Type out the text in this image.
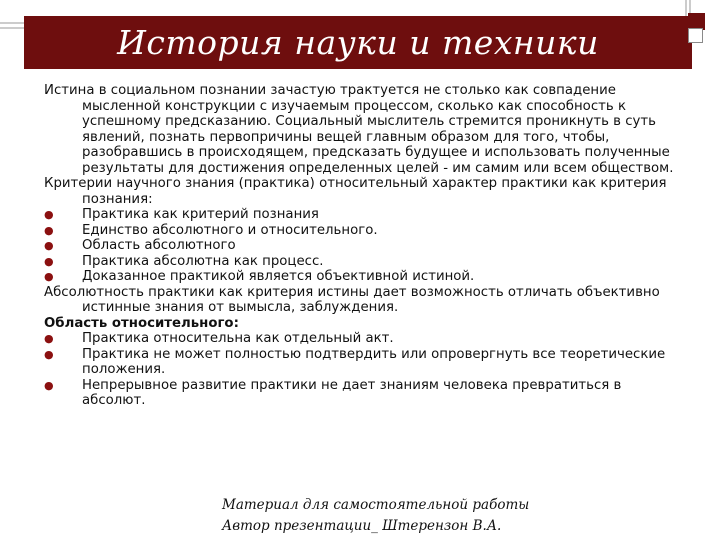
История науки и техники

Истина в социальном познании зачастую трактуется не столько как совпадение мысленной конструкции с изучаемым процессом, сколько как способность к успешному предсказанию. Социальный мыслитель стремится проникнуть в суть явлений, познать первопричины вещей главным образом для того, чтобы, разобравшись в происходящем, предсказать будущее и использовать полученные результаты для достижения определенных целей - им самим или всем обществом.

Критерии научного знания (практика) относительный характер практики как критерия познания:

● Практика как критерий познания
● Единство абсолютного и относительного.
● Область абсолютного
● Практика абсолютна как процесс.
● Доказанное практикой является объективной истиной.

Абсолютность практики как критерия истины дает возможность отличать объективно истинные знания от вымысла, заблуждения.

Область относительного:

● Практика относительна как отдельный акт.
● Практика не может полностью подтвердить или опровергнуть все теоретические положения.
● Непрерывное развитие практики не дает знаниям человека превратиться в абсолют.
Материал для самостоятельной работы
Автор презентации_ Штерензон В.А.
